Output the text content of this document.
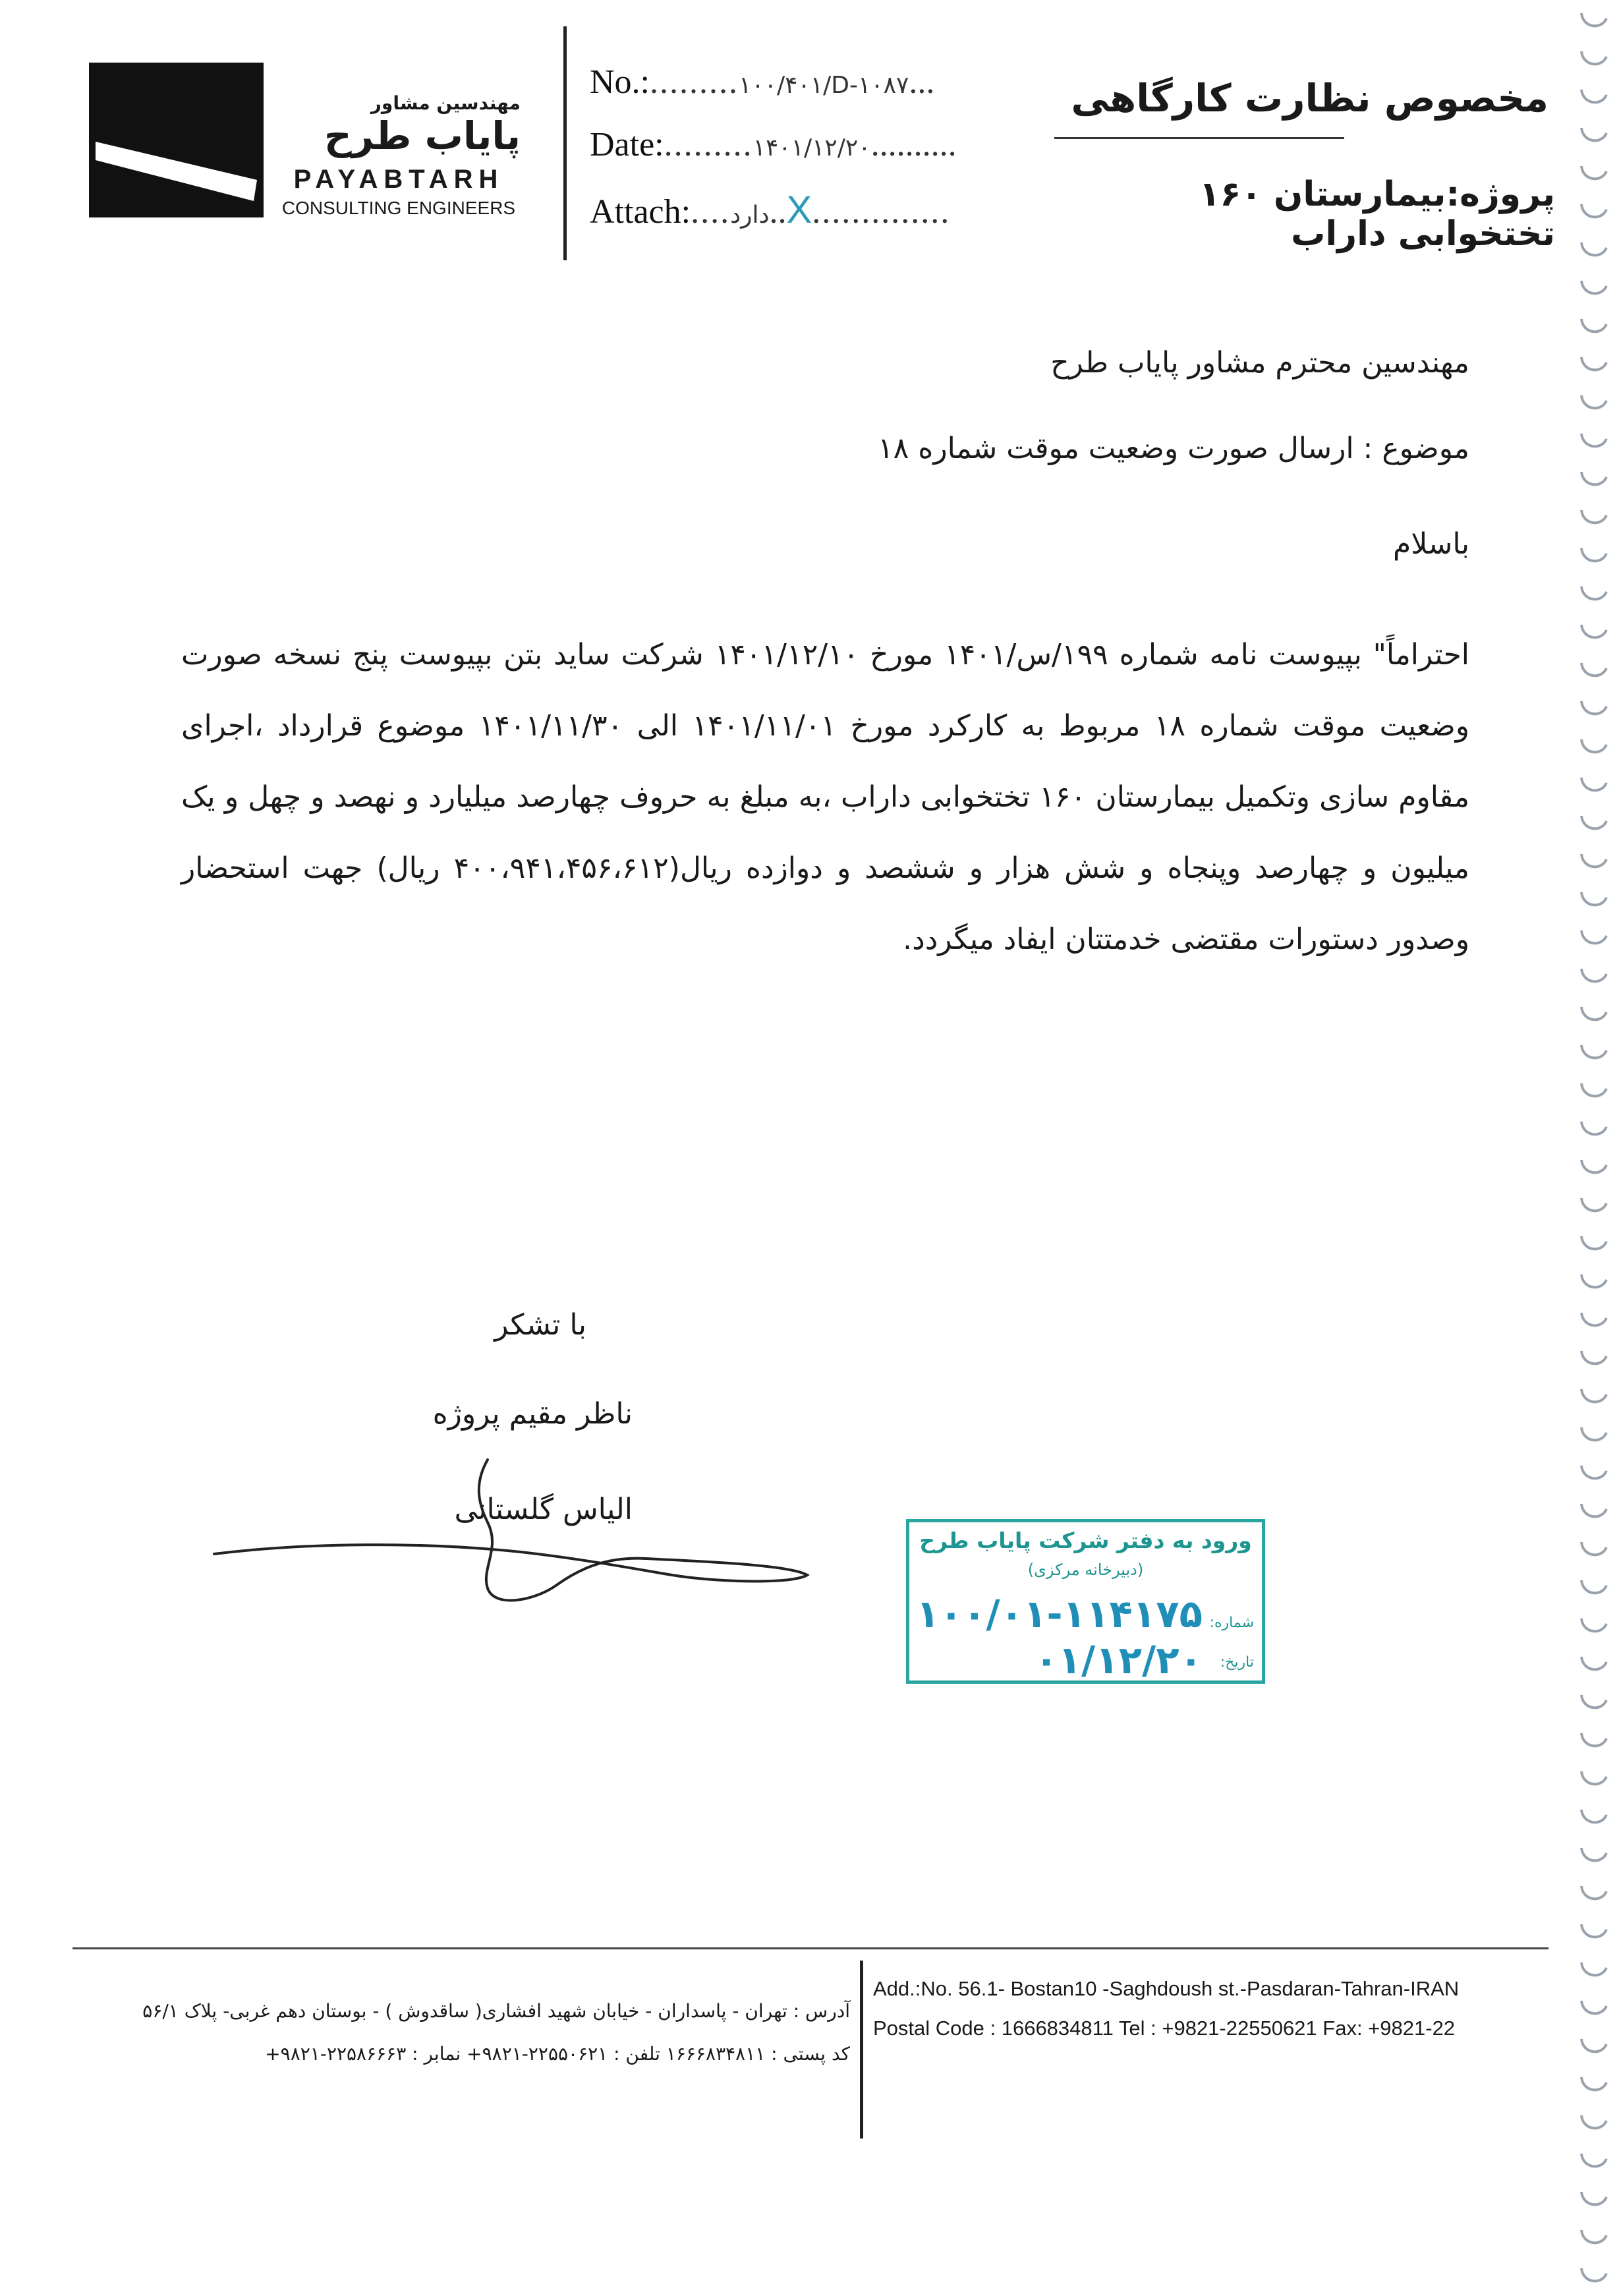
مهندسین مشاور
پایاب طرح
PAYABTARH
CONSULTING ENGINEERS
No.:.........۱۰۰/۴۰۱/D-۱۰۸۷...
Date:.........۱۴۰۱/۱۲/۲۰..........
Attach:....دارد..X..............
مخصوص نظارت کارگاهی
پروژه:بیمارستان ۱۶۰ تختخوابی داراب
مهندسین محترم مشاور پایاب طرح
موضوع : ارسال صورت وضعیت موقت شماره ۱۸
باسلام
احتراماً" بپیوست نامه شماره ۱۹۹/س/۱۴۰۱ مورخ ۱۴۰۱/۱۲/۱۰ شرکت ساید بتن بپیوست پنج نسخه صورت وضعیت موقت شماره ۱۸ مربوط به کارکرد مورخ ۱۴۰۱/۱۱/۰۱ الی ۱۴۰۱/۱۱/۳۰ موضوع قرارداد ،اجرای مقاوم سازی وتکمیل بیمارستان ۱۶۰ تختخوابی داراب ،به مبلغ به حروف چهارصد میلیارد و نهصد و چهل و یک میلیون و چهارصد وپنجاه و شش هزار و ششصد و دوازده ریال(۴۰۰،۹۴۱،۴۵۶،۶۱۲ ریال) جهت استحضار وصدور دستورات مقتضی خدمتتان ایفاد میگردد.
با تشکر
ناظر مقیم پروژه
الیاس گلستانی
ورود به دفتر شرکت پایاب طرح
(دبیرخانه مرکزی)
شماره:
۱۰۰/۰۱-۱۱۴۱۷۵
تاریخ:
۰۱/۱۲/۲۰
آدرس : تهران - پاسداران - خیابان شهید افشاری( ساقدوش ) - بوستان دهم غربی- پلاک ۵۶/۱
کد پستی : ۱۶۶۶۸۳۴۸۱۱ تلفن : ۲۲۵۵۰۶۲۱-۹۸۲۱+ نمابر : ۲۲۵۸۶۶۶۳-۹۸۲۱+
Add.:No. 56.1- Bostan10 -Saghdoush st.-Pasdaran-Tahran-IRAN
Postal Code : 1666834811 Tel : +9821-22550621 Fax: +9821-22
